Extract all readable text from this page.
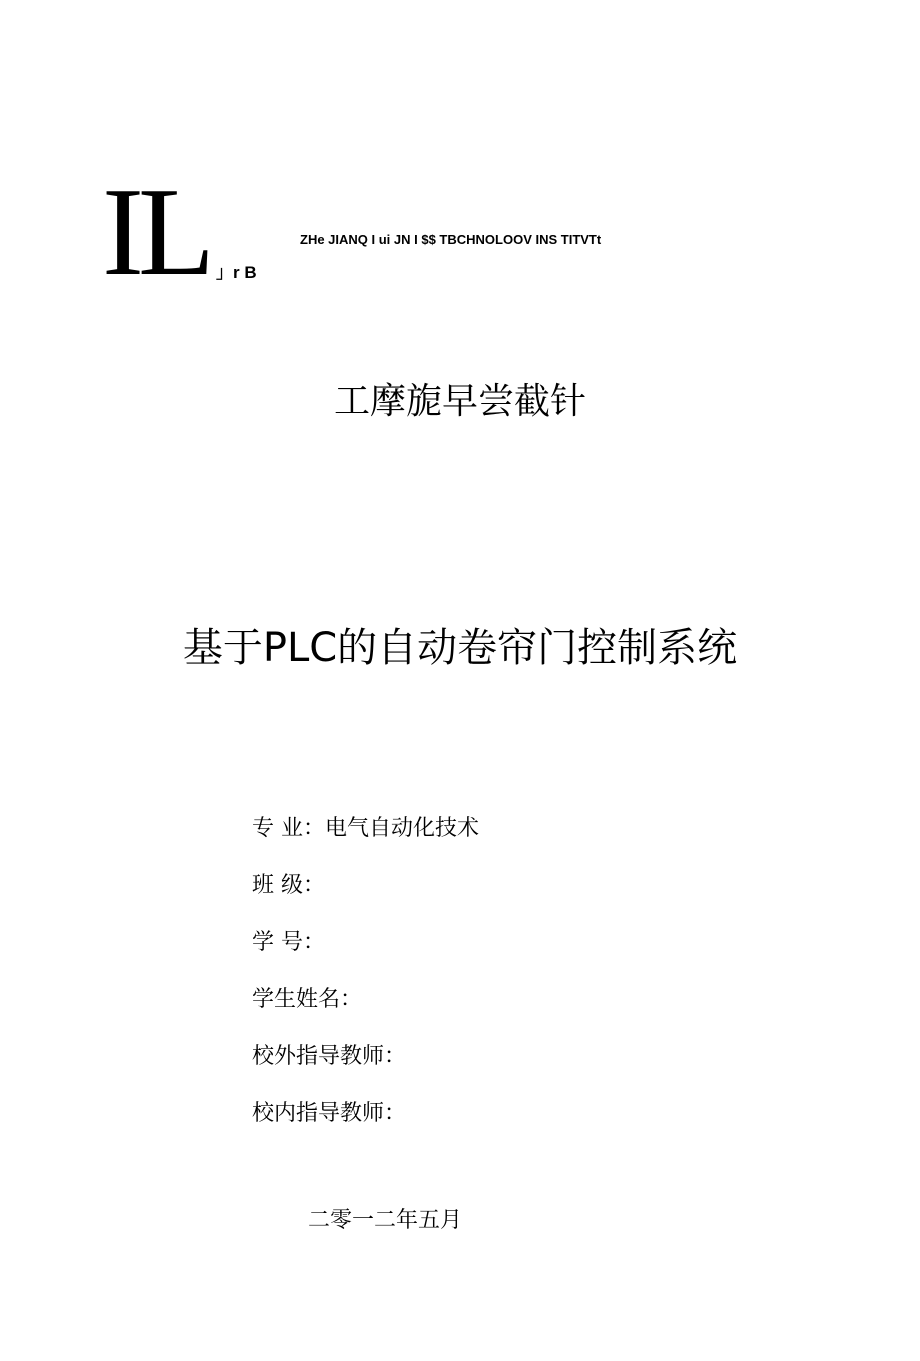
IL 」r B
ZHe JIANQ I ui JN I $$ TBCHNOLOOV INS TITVTt
工摩旎早尝截针
基于PLC的自动卷帘门控制系统
专 业：电气自动化技术
班 级：
学 号：
学生姓名：
校外指导教师：
校内指导教师：
二零一二年五月
